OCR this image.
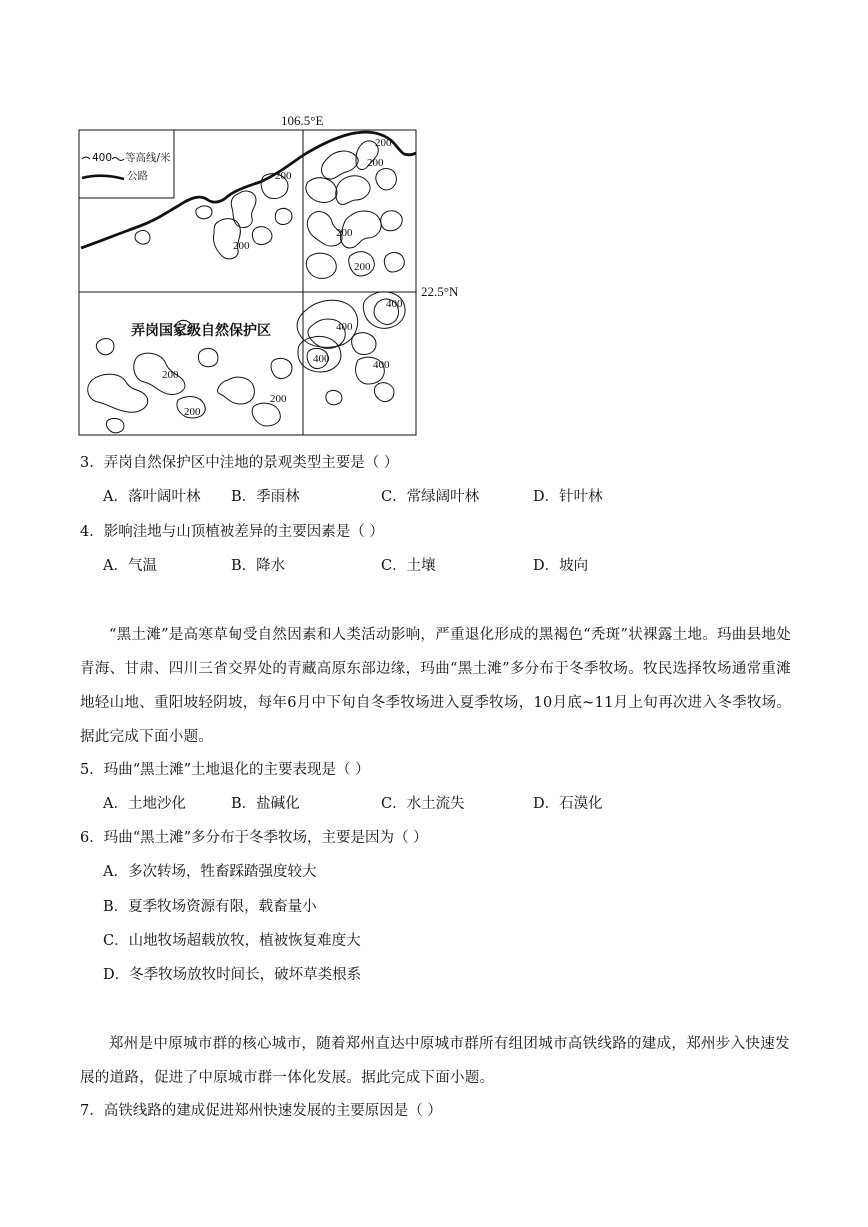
106.5°E
22.5°N
400 等高线/米
公路
弄岗国家级自然保护区
200
200
200
200
200
200
400
400
400	400
200
200
200
3．弄岗自然保护区中洼地的景观类型主要是（ ）
A．落叶阔叶林 B．季雨林	C．常绿阔叶林	D．针叶林
4．影响洼地与山顶植被差异的主要因素是（ ）
A．气温	B．降水	C．土壤	D．坡向

“黑土滩”是高寒草甸受自然因素和人类活动影响，严重退化形成的黑褐色“秃斑”状裸露土地。玛曲县地处青海、甘肃、四川三省交界处的青藏高原东部边缘，玛曲“黑土滩”多分布于冬季牧场。牧民选择牧场通常重滩地轻山地、重阳坡轻阴坡，每年6月中下旬自冬季牧场进入夏季牧场，10月底~11月上旬再次进入冬季牧场。据此完成下面小题。

5．玛曲“黑土滩”土地退化的主要表现是（ ）
A．土地沙化	B．盐碱化	C．水土流失	D．石漠化
6．玛曲“黑土滩”多分布于冬季牧场，主要是因为（ ）
A．多次转场，牲畜踩踏强度较大
B．夏季牧场资源有限，载畜量小
C．山地牧场超载放牧，植被恢复难度大
D．冬季牧场放牧时间长，破坏草类根系

郑州是中原城市群的核心城市，随着郑州直达中原城市群所有组团城市高铁线路的建成，郑州步入快速发展的道路，促进了中原城市群一体化发展。据此完成下面小题。

7．高铁线路的建成促进郑州快速发展的主要原因是（ ）
